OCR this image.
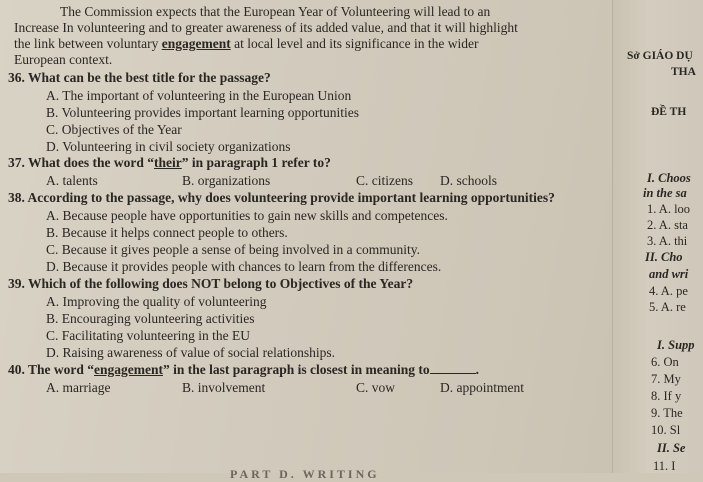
The Commission expects that the European Year of Volunteering will lead to an
Increase In volunteering and to greater awareness of its added value, and that it will highlight
the link between voluntary engagement at local level and its significance in the wider
European context.
36. What can be the best title for the passage?
A. The important of volunteering in the European Union
B. Volunteering provides important learning opportunities
C. Objectives of the Year
D. Volunteering in civil society organizations
37. What does the word “their” in paragraph 1 refer to?
A. talents	B. organizations	C. citizens D. schools
38. According to the passage, why does volunteering provide important learning opportunities?
A. Because people have opportunities to gain new skills and competences.
B. Because it helps connect people to others.
C. Because it gives people a sense of being involved in a community.
D. Because it provides people with chances to learn from the differences.
39. Which of the following does NOT belong to Objectives of the Year?
A. Improving the quality of volunteering
B. Encouraging volunteering activities
C. Facilitating volunteering in the EU
D. Raising awareness of value of social relationships.
40. The word “engagement” in the last paragraph is closest in meaning to	.
A. marriage	B. involvement	C. vow	D. appointment
PART D. WRITING
Sở GIÁO DỤ
THA
ĐỀ TH
I. Choos
in the sa
1. A. loo
2. A. sta
3. A. thi
II. Cho
and wri
4. A. pe
5. A. re
I. Supp
6. On
7. My
8. If y
9. The
10. Sl
II. Se
11. I
